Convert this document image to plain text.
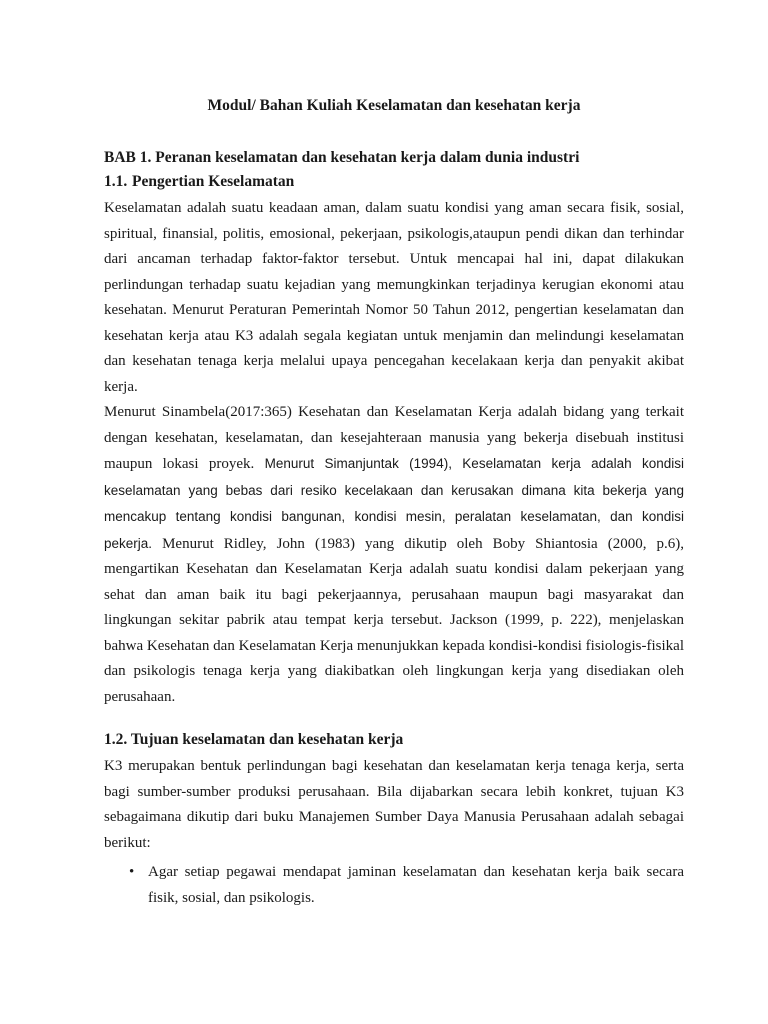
Modul/ Bahan Kuliah Keselamatan dan kesehatan kerja
BAB 1. Peranan keselamatan dan kesehatan kerja dalam dunia industri
1.1. Pengertian Keselamatan

Keselamatan adalah suatu keadaan aman, dalam suatu kondisi yang aman secara fisik, sosial, spiritual, finansial, politis, emosional, pekerjaan, psikologis,ataupun pendi dikan dan terhindar dari ancaman terhadap faktor-faktor tersebut. Untuk mencapai hal ini, dapat dilakukan perlindungan terhadap suatu kejadian yang memungkinkan terjadinya kerugian ekonomi atau kesehatan. Menurut Peraturan Pemerintah Nomor 50 Tahun 2012, pengertian keselamatan dan kesehatan kerja atau K3 adalah segala kegiatan untuk menjamin dan melindungi keselamatan dan kesehatan tenaga kerja melalui upaya pencegahan kecelakaan kerja dan penyakit akibat kerja.

Menurut Sinambela(2017:365) Kesehatan dan Keselamatan Kerja adalah bidang yang terkait dengan kesehatan, keselamatan, dan kesejahteraan manusia yang bekerja disebuah institusi maupun lokasi proyek. Menurut Simanjuntak (1994), Keselamatan kerja adalah kondisi keselamatan yang bebas dari resiko kecelakaan dan kerusakan dimana kita bekerja yang mencakup tentang kondisi bangunan, kondisi mesin, peralatan keselamatan, dan kondisi pekerja. Menurut Ridley, John (1983) yang dikutip oleh Boby Shiantosia (2000, p.6), mengartikan Kesehatan dan Keselamatan Kerja adalah suatu kondisi dalam pekerjaan yang sehat dan aman baik itu bagi pekerjaannya, perusahaan maupun bagi masyarakat dan lingkungan sekitar pabrik atau tempat kerja tersebut. Jackson (1999, p. 222), menjelaskan bahwa Kesehatan dan Keselamatan Kerja menunjukkan kepada kondisi-kondisi fisiologis-fisikal dan psikologis tenaga kerja yang diakibatkan oleh lingkungan kerja yang disediakan oleh perusahaan.

1.2. Tujuan keselamatan dan kesehatan kerja

K3 merupakan bentuk perlindungan bagi kesehatan dan keselamatan kerja tenaga kerja, serta bagi sumber-sumber produksi perusahaan. Bila dijabarkan secara lebih konkret, tujuan K3 sebagaimana dikutip dari buku Manajemen Sumber Daya Manusia Perusahaan adalah sebagai berikut:

• Agar setiap pegawai mendapat jaminan keselamatan dan kesehatan kerja baik secara fisik, sosial, dan psikologis.
